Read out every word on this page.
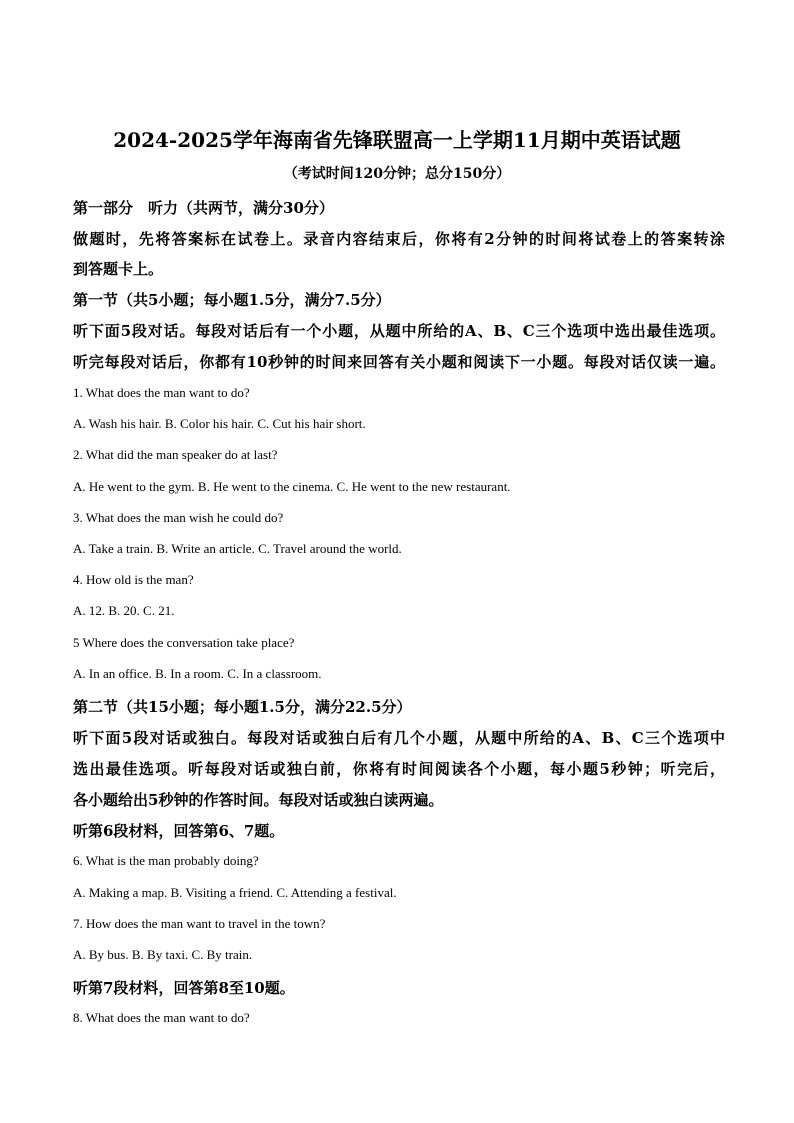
2024-2025学年海南省先锋联盟高一上学期11月期中英语试题
（考试时间120分钟；总分150分）
第一部分　听力（共两节，满分30分）
做题时，先将答案标在试卷上。录音内容结束后，你将有2分钟的时间将试卷上的答案转涂
到答题卡上。
第一节（共5小题；每小题1.5分，满分7.5分）
听下面5段对话。每段对话后有一个小题，从题中所给的A、B、C三个选项中选出最佳选项。
听完每段对话后，你都有10秒钟的时间来回答有关小题和阅读下一小题。每段对话仅读一遍。
1. What does the man want to do?
A. Wash his hair. B. Color his hair. C. Cut his hair short.
2. What did the man speaker do at last?
A. He went to the gym. B. He went to the cinema. C. He went to the new restaurant.
3. What does the man wish he could do?
A. Take a train. B. Write an article. C. Travel around the world.
4. How old is the man?
A. 12. B. 20. C. 21.
5 Where does the conversation take place?
A. In an office. B. In a room. C. In a classroom.
第二节（共15小题；每小题1.5分，满分22.5分）
听下面5段对话或独白。每段对话或独白后有几个小题，从题中所给的A、B、C三个选项中
选出最佳选项。听每段对话或独白前，你将有时间阅读各个小题，每小题5秒钟；听完后，
各小题给出5秒钟的作答时间。每段对话或独白读两遍。
听第6段材料，回答第6、7题。
6. What is the man probably doing?
A. Making a map. B. Visiting a friend. C. Attending a festival.
7. How does the man want to travel in the town?
A. By bus. B. By taxi. C. By train.
听第7段材料，回答第8至10题。
8. What does the man want to do?
